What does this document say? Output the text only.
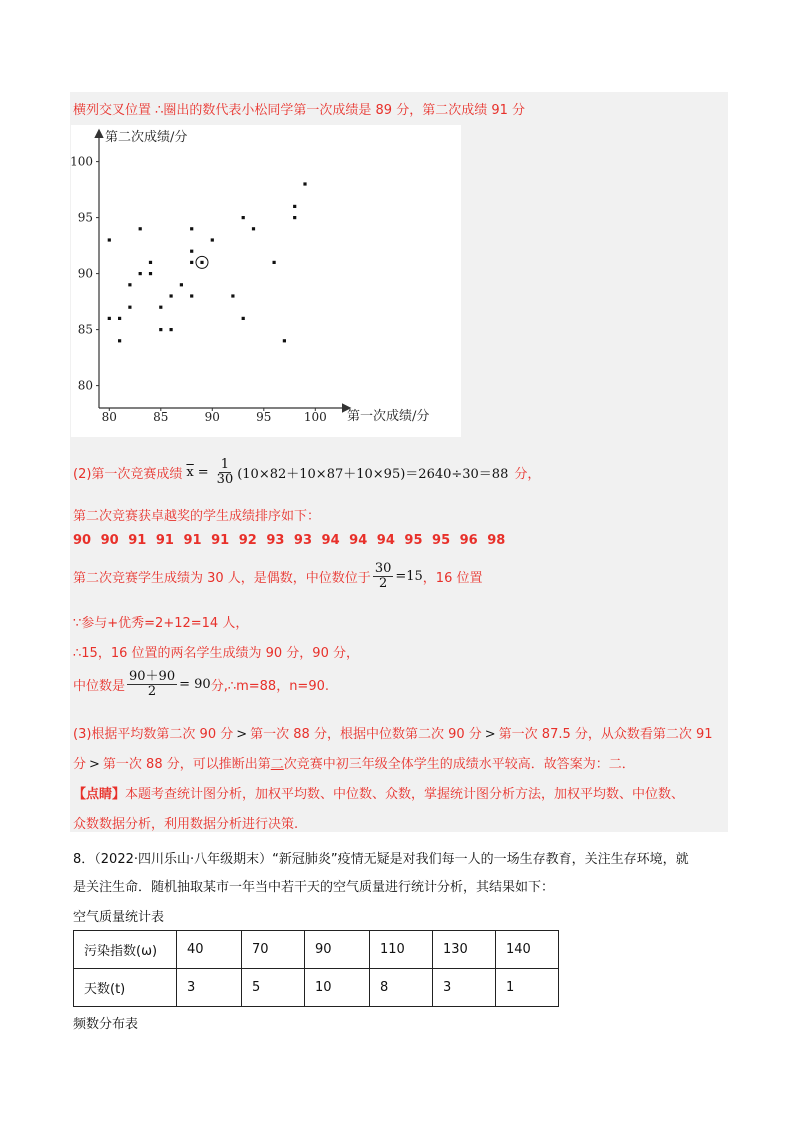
横列交叉位置 ∴圈出的数代表小松同学第一次成绩是 89 分，第二次成绩 91 分
第二次成绩/分
第一次成绩/分
80	85	90	95	100
80
85
90
95
100
(2)第一次竞赛成绩 $\overline{x} = \frac{1}{30} (10\times 82+10\times 87+10\times 95)=2640\div 30=88$ 分，
第二次竞赛获卓越奖的学生成绩排序如下：
90 90 91 91 91 91 92 93 93 94 94 94 95 95 96 98
第二次竞赛学生成绩为 30 人，是偶数，中位数位于 $\frac{30}{2} =15$ ，16 位置
∵参与+优秀=2+12=14 人，
∴15，16 位置的两名学生成绩为 90 分，90 分，
中位数是 $\frac{90+90}{2} = 90$ 分,∴m=88，n=90.
(3)根据平均数第二次 90 分 > 第一次 88 分，根据中位数第二次 90 分 > 第一次 87.5 分，从众数看第二次 91
分 > 第一次 88 分，可以推断出第二次竞赛中初三年级全体学生的成绩水平较高．故答案为：二．
【点睛】本题考查统计图分析，加权平均数、中位数、众数，掌握统计图分析方法，加权平均数、中位数、
众数数据分析，利用数据分析进行决策.
8．（2022·四川乐山·八年级期末）“新冠肺炎”疫情无疑是对我们每一人的一场生存教育，关注生存环境，就
是关注生命．随机抽取某市一年当中若干天的空气质量进行统计分析，其结果如下：
空气质量统计表
污染指数(ω)	40	70	90	110	130	140
天数(t)	3	5	10	8	3	1
频数分布表
